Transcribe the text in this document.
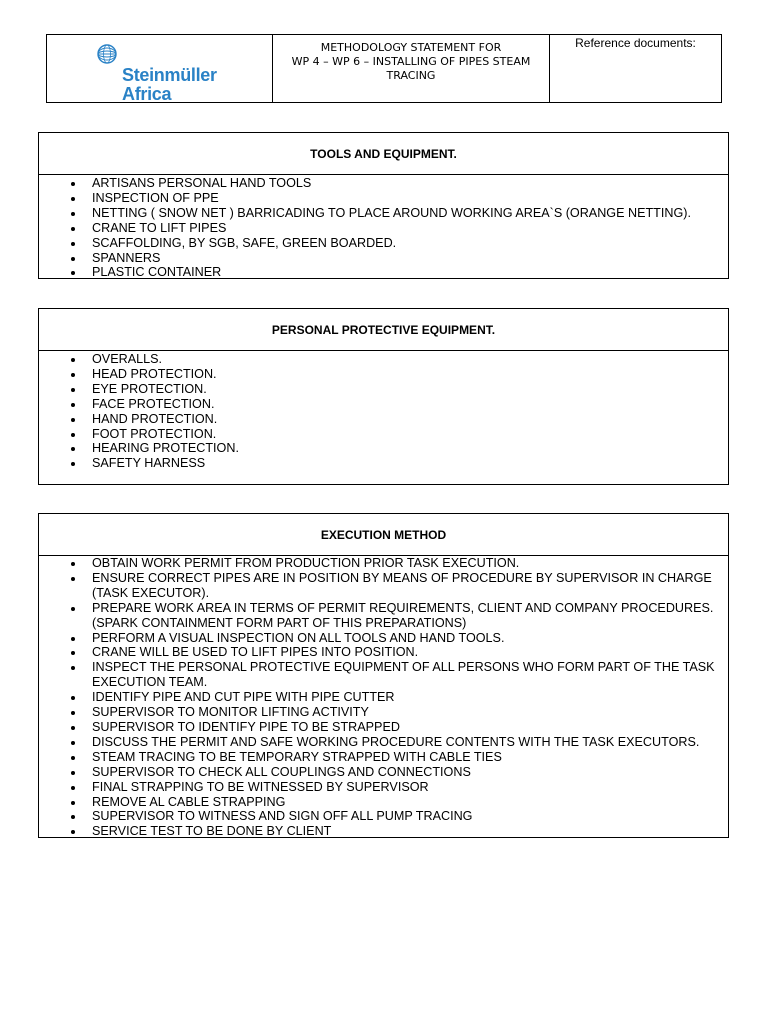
Steinmüller
Africa

METHODOLOGY STATEMENT FOR
WP 4 – WP 6 – INSTALLING OF PIPES STEAM
TRACING

Reference documents:
TOOLS AND EQUIPMENT.
ARTISANS PERSONAL HAND TOOLS
INSPECTION OF PPE
NETTING ( SNOW NET ) BARRICADING TO PLACE AROUND WORKING AREA`S (ORANGE NETTING).
CRANE TO LIFT PIPES
SCAFFOLDING, BY SGB, SAFE, GREEN BOARDED.
SPANNERS
PLASTIC CONTAINER
PERSONAL PROTECTIVE EQUIPMENT.
OVERALLS.
HEAD PROTECTION.
EYE PROTECTION.
FACE PROTECTION.
HAND PROTECTION.
FOOT PROTECTION.
HEARING PROTECTION.
SAFETY HARNESS
EXECUTION METHOD
OBTAIN WORK PERMIT FROM PRODUCTION PRIOR TASK EXECUTION.
ENSURE CORRECT PIPES ARE IN POSITION BY MEANS OF PROCEDURE BY SUPERVISOR IN CHARGE (TASK EXECUTOR).
PREPARE WORK AREA IN TERMS OF PERMIT REQUIREMENTS, CLIENT AND COMPANY PROCEDURES. (SPARK CONTAINMENT FORM PART OF THIS PREPARATIONS)
PERFORM A VISUAL INSPECTION ON ALL TOOLS AND HAND TOOLS.
CRANE WILL BE USED TO LIFT PIPES INTO POSITION.
INSPECT THE PERSONAL PROTECTIVE EQUIPMENT OF ALL PERSONS WHO FORM PART OF THE TASK EXECUTION TEAM.
IDENTIFY PIPE AND CUT PIPE WITH PIPE CUTTER
SUPERVISOR TO MONITOR LIFTING ACTIVITY
SUPERVISOR TO IDENTIFY PIPE TO BE STRAPPED
DISCUSS THE PERMIT AND SAFE WORKING PROCEDURE CONTENTS WITH THE TASK EXECUTORS.
STEAM TRACING TO BE TEMPORARY STRAPPED WITH CABLE TIES
SUPERVISOR TO CHECK ALL COUPLINGS AND CONNECTIONS
FINAL STRAPPING TO BE WITNESSED BY SUPERVISOR
REMOVE AL CABLE STRAPPING
SUPERVISOR TO WITNESS AND SIGN OFF ALL PUMP TRACING
SERVICE TEST TO BE DONE BY CLIENT
